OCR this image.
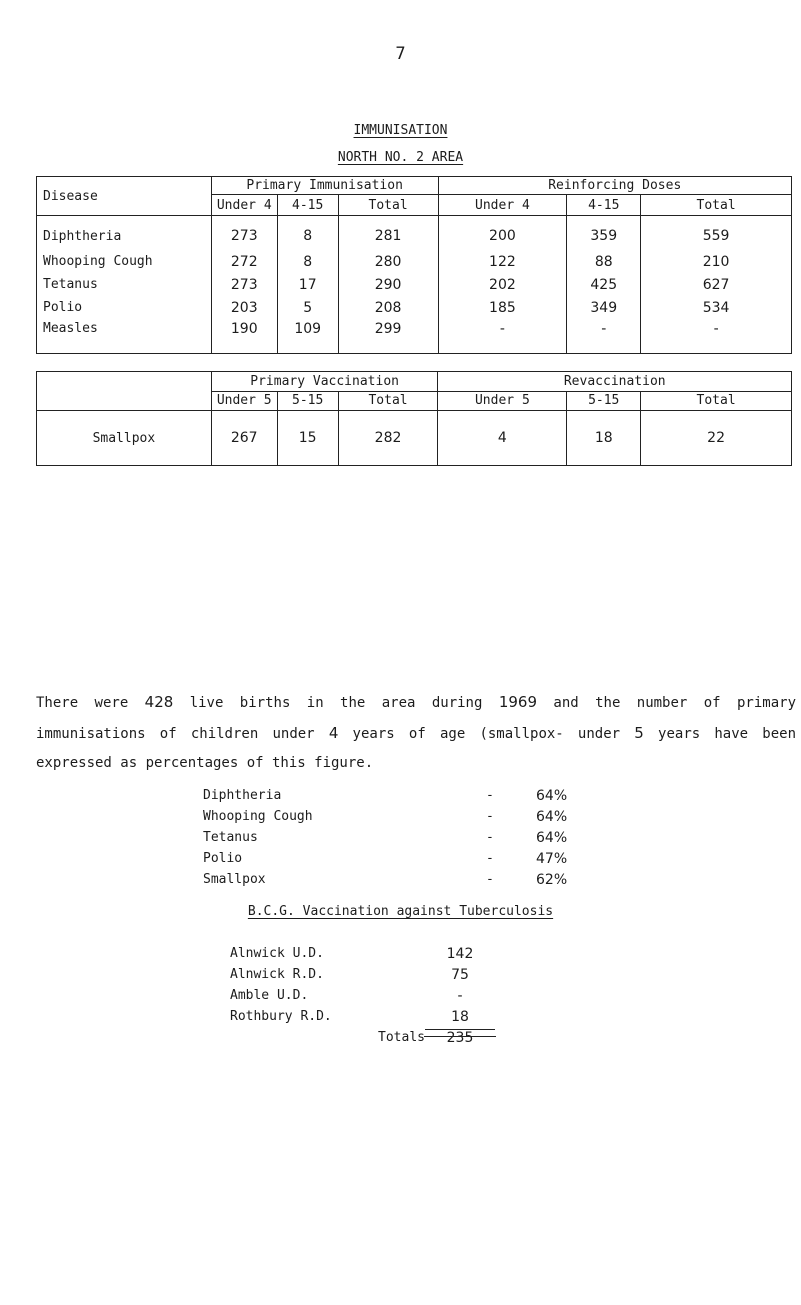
7
IMMUNISATION
NORTH NO. 2 AREA
Disease	Primary Immunisation			Reinforcing Doses		
	Under 4	4-15	Total	Under 4	4-15	Total
Diphtheria	273	8	281	200	359	559
Whooping Cough	272	8	280	122	88	210
Tetanus	273	17	290	202	425	627
Polio	203	5	208	185	349	534
Measles	190	109	299	-	-	-
	Primary Vaccination			Revaccination		
	Under 5	5-15	Total	Under 5	5-15	Total
Smallpox	267	15	282	4	18	22
There were 428 live births in the area during 1969 and the number of primary immunisations of children under 4 years of age (smallpox- under 5 years have been expressed as percentages of this figure.
Diphtheria	-	64%
Whooping Cough	-	64%
Tetanus	-	64%
Polio	-	47%
Smallpox	-	62%
B.C.G. Vaccination against Tuberculosis
Alnwick U.D.	142
Alnwick R.D.	75
Amble U.D.	-
Rothbury R.D.	18
Totals	235
